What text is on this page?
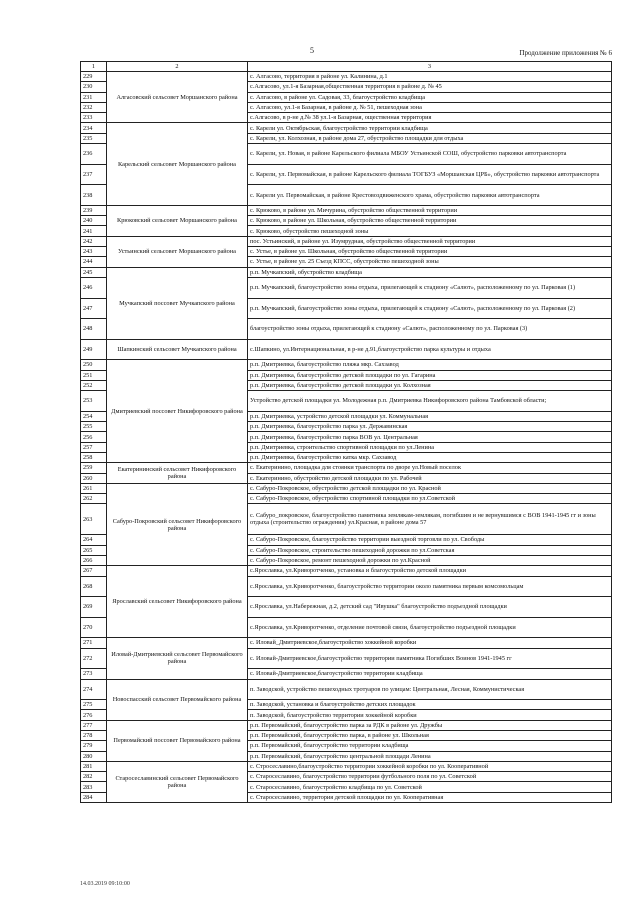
5	Продолжение приложения № 6
1	2	3
229	Алгасовский сельсовет Моршанского района	с. Алгасово, территория в районе ул. Калинина, д.1
230		с.Алгасово, ул.1-я Базарная,общественная территория в районе д. № 45
231		с. Алгасово, в районе ул. Садовая, 33, благоустройство кладбища
232		с. Алгасово, ул.1-я Базарная, в районе д. № 51, пешеходная зона
233		с.Алгасово, в р-не д.№ 38 ул.1-я Базарная, ощественная территория
234	Карельский сельсовет Моршанского района	с. Карели ул. Октябрьская, благоустройство территории кладбища
235		с. Карели, ул. Колхозная, в районе дома 27, обустройство площадки для отдыха
236		с. Карели, ул. Новая, в районе Карельского филиала МБОУ Устьинской СОШ, обустройство парковки автотранспорта
237		с. Карели, ул. Первомайская, в районе Карельского филиала ТОГБУЗ «Моршанская ЦРБ», обустройство парковки автотранспорта
238		с. Карели ул. Первомайская, в районе Крестовоздвиженского храма, обустройство парковки автотранспорта
239	Крюковский сельсовет Моршанского района	с. Крюково, в районе ул. Мичурина, обустройство общественной территории
240		с. Крюково, в районе ул. Школьная, обустройство общественной территории
241		с. Крюково, обустройство пешеходной зоны
242	Устьинский сельсовет Моршанского района	пос. Устьинский, в районе ул. Изумрудная, обустройство общественной территории
243		с. Устье, в районе ул. Школьная, обустройство общественной территории
244		с. Устье, в районе ул. 25 Съезд КПСС, обустройство пешеходной зоны
245	Мучкапский поссовет Мучкапского района	р.п. Мучкапский, обустройство кладбища
246		р.п. Мучкапский, благоустройство зоны отдыха, прилегающей к стадиону «Салют», расположенному по ул. Парковая (1)
247		р.п. Мучкапский, благоустройство зоны отдыха, прилегающей к стадиону «Салют», расположенному по ул. Парковая (2)
248		благоустройство зоны отдыха, прилегающей к стадиону «Салют», расположенному по ул. Парковая (3)
249	Шапкинский сельсовет Мучкапского района	с.Шапкино, ул.Интернациональная, в р-не д.91,благоустройство парка культуры и отдыха
250	Дмитриевский поссовет Никифоровского района	р.п. Дмитриевка, благоустройство пляжа мкр. Сахзавод
251		р.п. Дмитриевка, благоустройство детской площадки по ул. Гагарина
252		р.п. Дмитриевка, благоустройство детской площадки ул. Колхозная
253		Устройство детской площадки ул. Молодежная р.п. Дмитриевка Никифоровского района Тамбовской области;
254		р.п. Дмитриевка, устройство детской площадки ул. Коммунальная
255		р.п. Дмитриевка, благоустройство парка ул. Державинская
256		р.п. Дмитриевка, благоустройство парка ВОВ ул. Центральная
257		р.п. Дмитриевка, строительство спортивной площадки по ул.Ленина
258		р.п. Дмитриевка, благоустройство катка мкр. Сахзавод
259	Екатерининский сельсовет Никифоровского района	с. Екатеринино, площадка для стоянки транспорта по дворе ул.Новый поселок
260		с. Екатеринино, обустройство детской площадки по ул. Рабочей
261	Сабуро-Покровский сельсовет Никифоровского района	с. Сабуро-Покровское, обустройство детской площадки по ул. Красной
262		с. Сабуро-Покровское, обустройство спортивной площадки по ул.Советской
263		с. Сабуро_покровское, благоустройство памятника землякам-землякам, погибшим и не вернувшимся с ВОВ 1941-1945 гг и зоны отдыха (строительство ограждения) ул.Красная, в районе дома 57
264		с. Сабуро-Покровское, благоустройство территории выездной торговли по ул. Свободы
265		с. Сабуро-Покровское, строительство пешеходной дорожки по ул.Советская
266		с. Сабуро-Покровское, ремонт пешеходной дорожки по ул.Красной
267	Ярославский сельсовет Никифоровского района	с.Ярославка, ул.Криворотченко, установка и благоустройство детской площадки
268		с.Ярославка, ул.Криворотченко, благоустройство территории около памятника первым комсомольцам
269		с.Ярославка, ул.Набережная, д.2, детский сад "Ивушка" благоустройство подъездной площадки
270		с.Ярославка, ул.Криворотченко, отделение почтовой связи, благоустройство подъездной площадки
271	Иловай-Дмитриевский сельсовет Первомайского района	с. Иловай_Дмитриевское,благоустройство хоккейной коробки
272		с. Иловай-Дмитриевское,благоустройство территории памятника Погибших Воинов 1941-1945 гг
273		с. Иловай-Дмитриевское,благоустройство территории кладбища
274	Новоспасский сельсовет Первомайского района	п. Заводской, устройство пешеходных тротуаров по улицам: Центральная, Лесная, Коммунистическая
275		п. Заводской, установка и благоустройство детских площадок
276		п. Заводской, благоустройство территории хоккейной коробки
277	Первомайский поссовет Первомайского района	р.п. Первомайский, благоустройство парка за РДК в районе ул. Дружбы
278		р.п. Первомайский, благоустройство парка, в районе ул. Школьная
279		р.п. Первомайский, благоустройство территории кладбища
280		р.п. Первомайский, благоустройство центральной площади Ленина
281	Старосеславинский сельсовет Первомайского района	с. Стросеславино,благоустройство территории хоккейной коробки по ул. Кооперативной
282		с. Старосеславино, благоустройство территории футбольного поля по ул. Советской
283		с. Старосеславино, благоустройство кладбища по ул. Советской
284		с. Старосеславино, территория детской площадки по ул. Кооперативная
14.03.2019 09:10:00
